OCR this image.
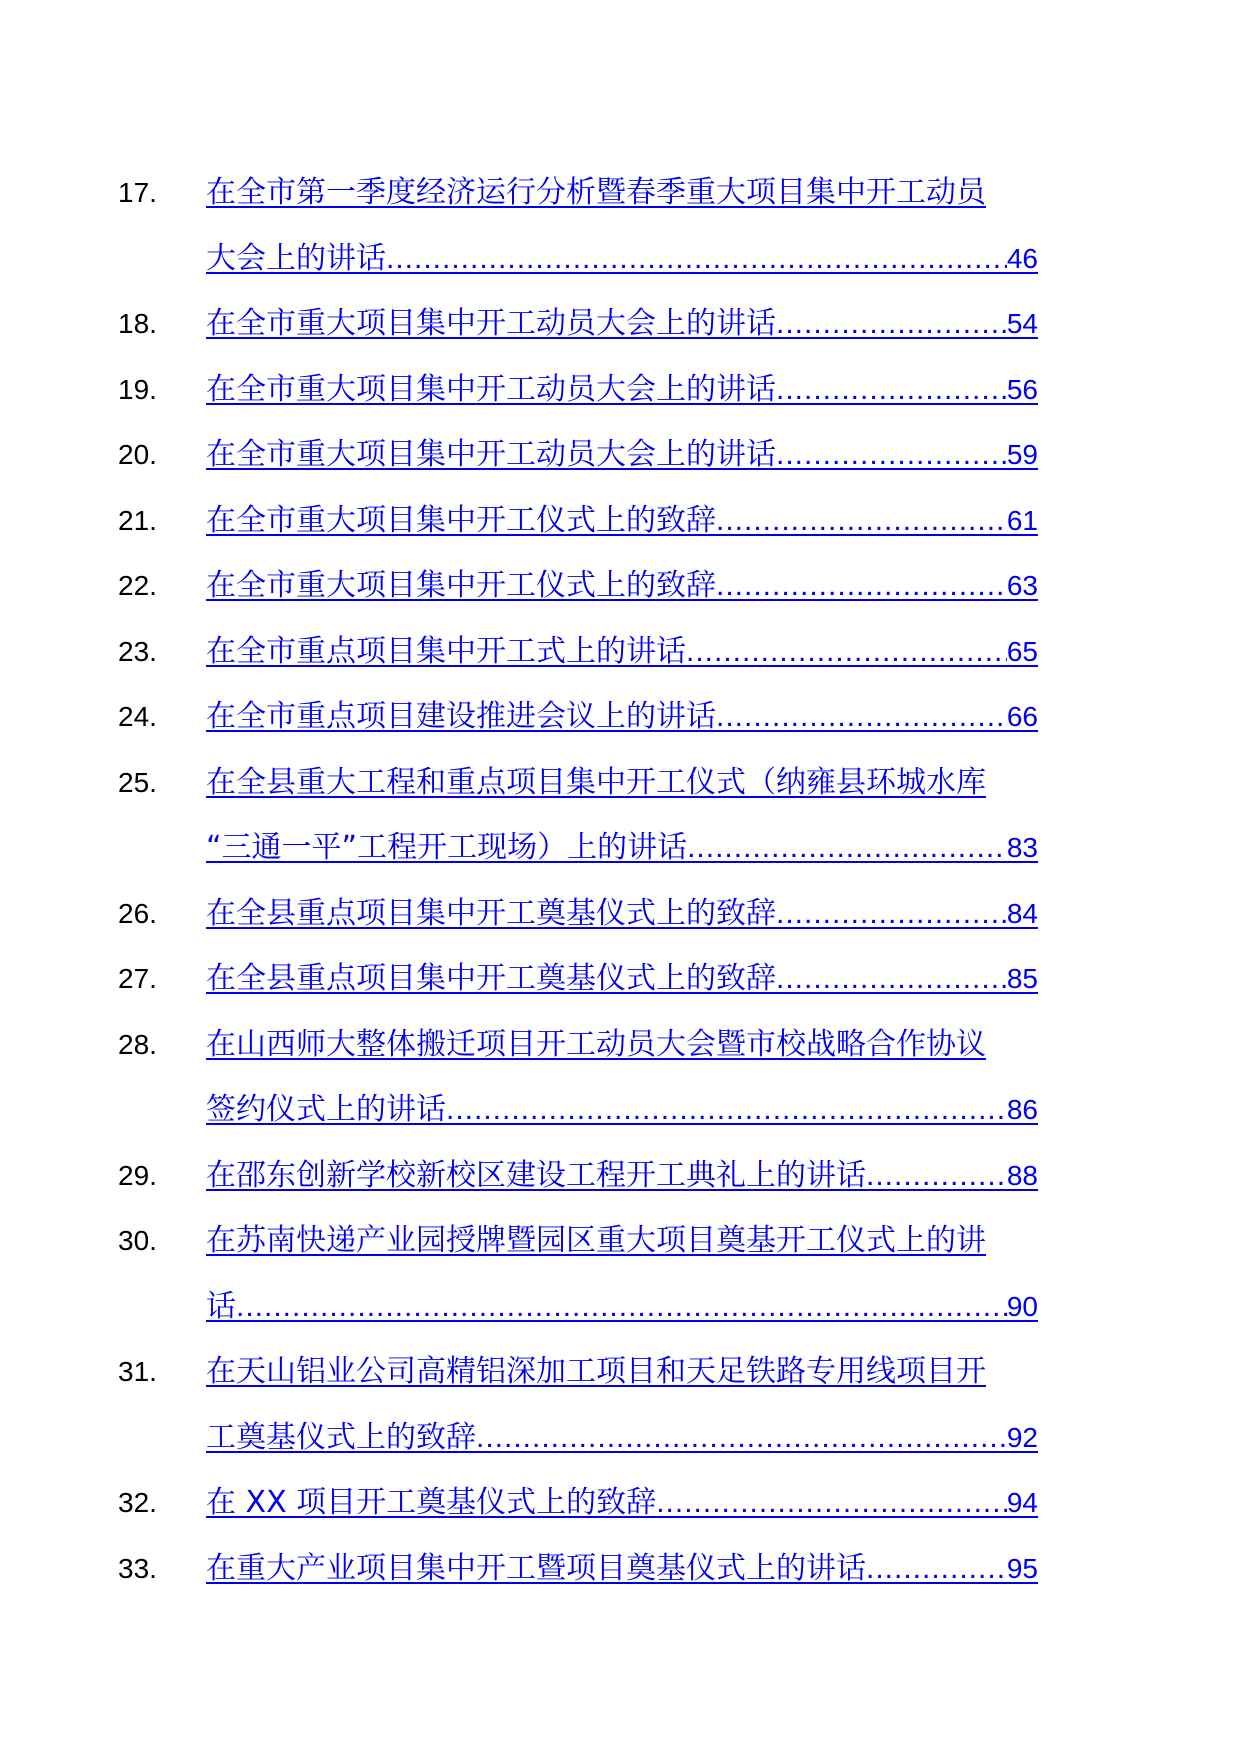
17. 在全市第一季度经济运行分析暨春季重大项目集中开工动员
大会上的讲话 .....	46
18. 在全市重大项目集中开工动员大会上的讲话 .....	54
19. 在全市重大项目集中开工动员大会上的讲话 .....	56
20. 在全市重大项目集中开工动员大会上的讲话 .....	59
21. 在全市重大项目集中开工仪式上的致辞 .....	61
22. 在全市重大项目集中开工仪式上的致辞 .....	63
23. 在全市重点项目集中开工式上的讲话 .....	65
24. 在全市重点项目建设推进会议上的讲话 .....	66
25. 在全县重大工程和重点项目集中开工仪式（纳雍县环城水库
“三通一平”工程开工现场）上的讲话 .....	83
26. 在全县重点项目集中开工奠基仪式上的致辞 .....	84
27. 在全县重点项目集中开工奠基仪式上的致辞 .....	85
28. 在山西师大整体搬迁项目开工动员大会暨市校战略合作协议
签约仪式上的讲话 .....	86
29. 在邵东创新学校新校区建设工程开工典礼上的讲话 .....	88
30. 在苏南快递产业园授牌暨园区重大项目奠基开工仪式上的讲
话 .....	90
31. 在天山铝业公司高精铝深加工项目和天足铁路专用线项目开
工奠基仪式上的致辞 .....	92
32. 在 XX 项目开工奠基仪式上的致辞 .....	94
33. 在重大产业项目集中开工暨项目奠基仪式上的讲话 .....	95
